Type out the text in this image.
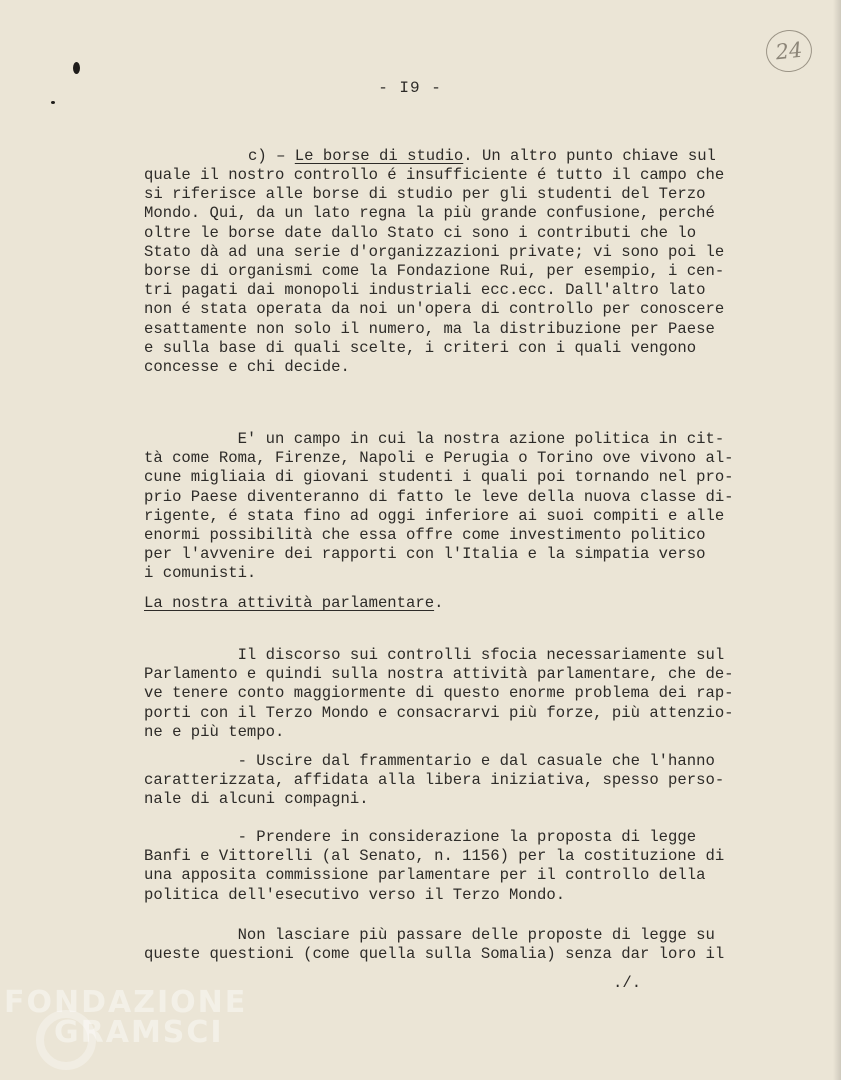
24
- I9 -

c) – Le borse di studio. Un altro punto chiave sul

quale il nostro controllo é insufficiente é tutto il campo che
si riferisce alle borse di studio per gli studenti del Terzo
Mondo. Qui, da un lato regna la più grande confusione, perché
oltre le borse date dallo Stato ci sono i contributi che lo
Stato dà ad una serie d'organizzazioni private; vi sono poi le
borse di organismi come la Fondazione Rui, per esempio, i cen-
tri pagati dai monopoli industriali ecc.ecc. Dall'altro lato
non é stata operata da noi un'opera di controllo per conoscere
esattamente non solo il numero, ma la distribuzione per Paese
e sulla base di quali scelte, i criteri con i quali vengono
concesse e chi decide.

E' un campo in cui la nostra azione politica in cit-
tà come Roma, Firenze, Napoli e Perugia o Torino ove vivono al-
cune migliaia di giovani studenti i quali poi tornando nel pro-
prio Paese diventeranno di fatto le leve della nuova classe di-
rigente, é stata fino ad oggi inferiore ai suoi compiti e alle
enormi possibilità che essa offre come investimento politico
per l'avvenire dei rapporti con l'Italia e la simpatia verso
i comunisti.

La nostra attività parlamentare.

Il discorso sui controlli sfocia necessariamente sul
Parlamento e quindi sulla nostra attività parlamentare, che de-
ve tenere conto maggiormente di questo enorme problema dei rap-
porti con il Terzo Mondo e consacrarvi più forze, più attenzio-
ne e più tempo.

- Uscire dal frammentario e dal casuale che l'hanno
caratterizzata, affidata alla libera iniziativa, spesso perso-
nale di alcuni compagni.

- Prendere in considerazione la proposta di legge
Banfi e Vittorelli (al Senato, n. 1156) per la costituzione di
una apposita commissione parlamentare per il controllo della
politica dell'esecutivo verso il Terzo Mondo.

Non lasciare più passare delle proposte di legge su
queste questioni (come quella sulla Somalia) senza dar loro il

./.

FONDAZIONE
GRAMSCI
